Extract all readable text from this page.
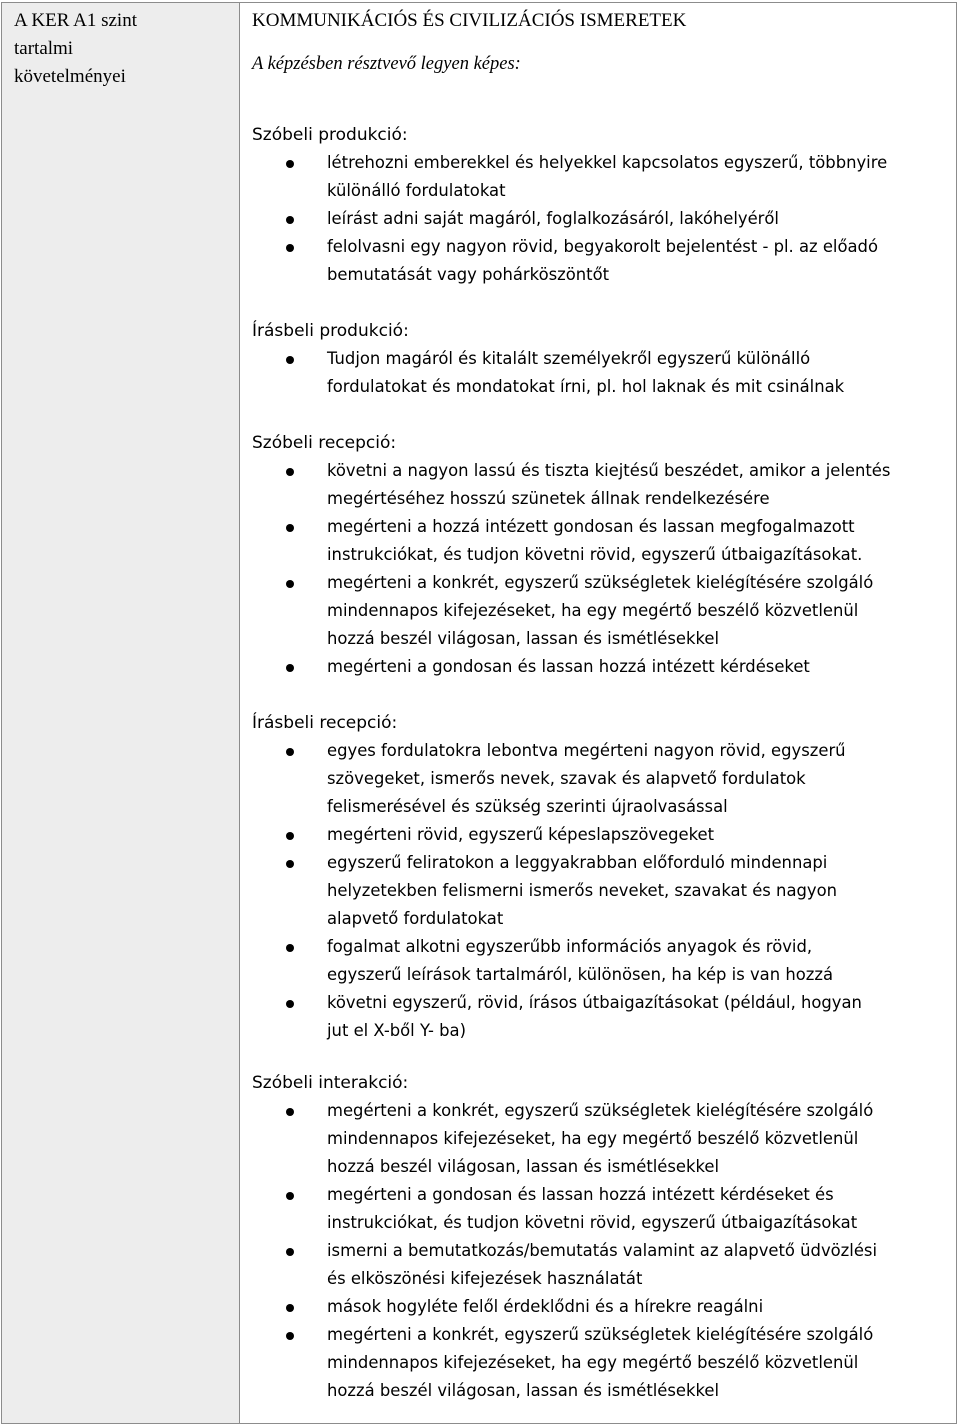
A KER A1 szint
tartalmi
követelményei

KOMMUNIKÁCIÓS ÉS CIVILIZÁCIÓS ISMERETEK

A képzésben résztvevő legyen képes:

Szóbeli produkció:

létrehozni emberekkel és helyekkel kapcsolatos egyszerű, többnyire
különálló fordulatokat
leírást adni saját magáról, foglalkozásáról, lakóhelyéről
felolvasni egy nagyon rövid, begyakorolt bejelentést - pl. az előadó
bemutatását vagy pohárköszöntőt

Írásbeli produkció:

Tudjon magáról és kitalált személyekről egyszerű különálló
fordulatokat és mondatokat írni, pl. hol laknak és mit csinálnak

Szóbeli recepció:

követni a nagyon lassú és tiszta kiejtésű beszédet, amikor a jelentés
megértéséhez hosszú szünetek állnak rendelkezésére
megérteni a hozzá intézett gondosan és lassan megfogalmazott
instrukciókat, és tudjon követni rövid, egyszerű útbaigazításokat.
megérteni a konkrét, egyszerű szükségletek kielégítésére szolgáló
mindennapos kifejezéseket, ha egy megértő beszélő közvetlenül
hozzá beszél világosan, lassan és ismétlésekkel
megérteni a gondosan és lassan hozzá intézett kérdéseket

Írásbeli recepció:

egyes fordulatokra lebontva megérteni nagyon rövid, egyszerű
szövegeket, ismerős nevek, szavak és alapvető fordulatok
felismerésével és szükség szerinti újraolvasással
megérteni rövid, egyszerű képeslapszövegeket
egyszerű feliratokon a leggyakrabban előforduló mindennapi
helyzetekben felismerni ismerős neveket, szavakat és nagyon
alapvető fordulatokat
fogalmat alkotni egyszerűbb információs anyagok és rövid,
egyszerű leírások tartalmáról, különösen, ha kép is van hozzá
követni egyszerű, rövid, írásos útbaigazításokat (például, hogyan
jut el X-ből Y- ba)

Szóbeli interakció:

megérteni a konkrét, egyszerű szükségletek kielégítésére szolgáló
mindennapos kifejezéseket, ha egy megértő beszélő közvetlenül
hozzá beszél világosan, lassan és ismétlésekkel
megérteni a gondosan és lassan hozzá intézett kérdéseket és
instrukciókat, és tudjon követni rövid, egyszerű útbaigazításokat
ismerni a bemutatkozás/bemutatás valamint az alapvető üdvözlési
és elköszönési kifejezések használatát
mások hogyléte felől érdeklődni és a hírekre reagálni
megérteni a konkrét, egyszerű szükségletek kielégítésére szolgáló
mindennapos kifejezéseket, ha egy megértő beszélő közvetlenül
hozzá beszél világosan, lassan és ismétlésekkel
